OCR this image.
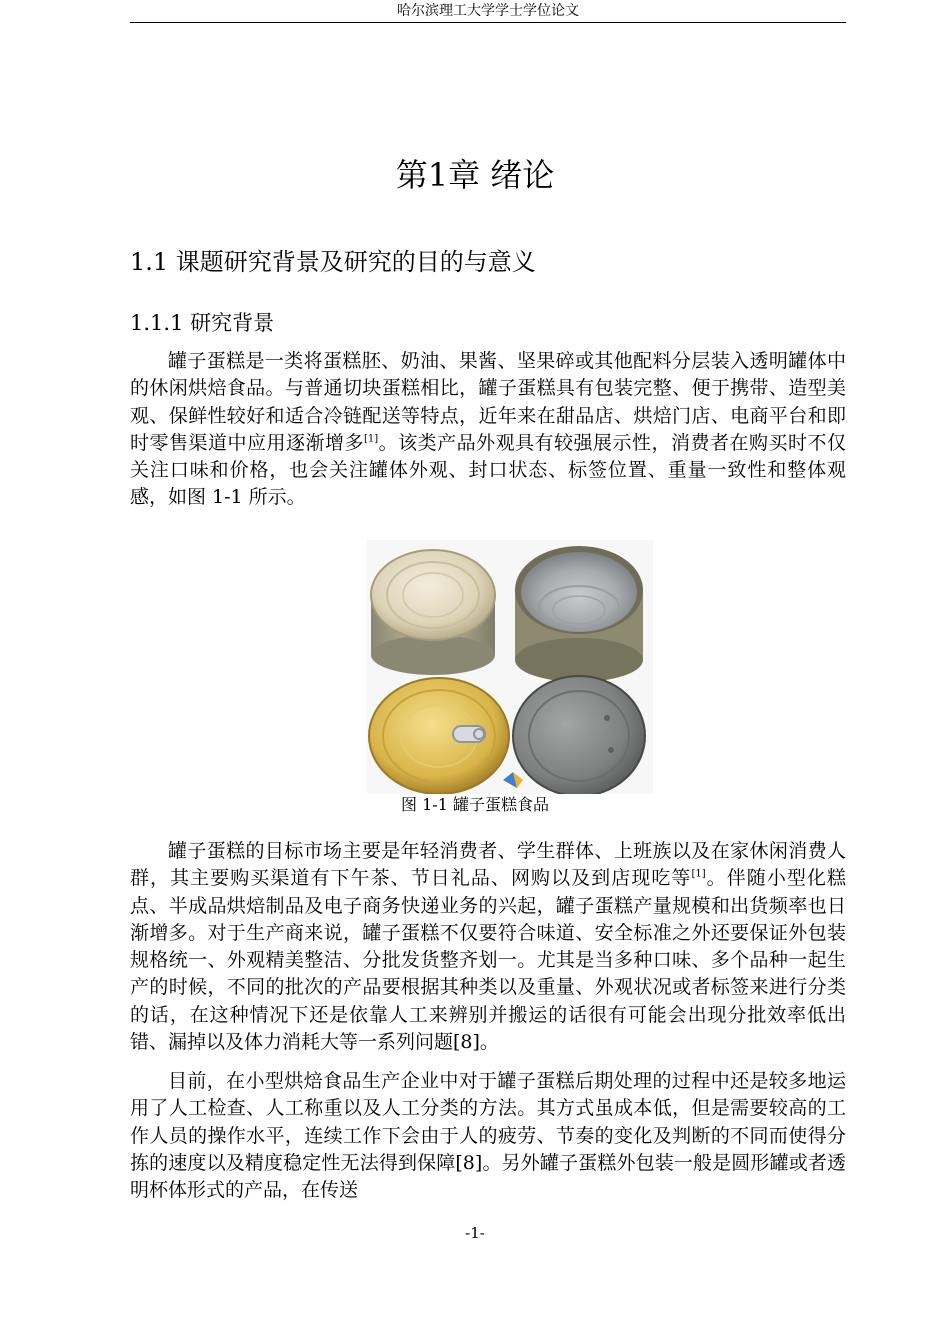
哈尔滨理工大学学士学位论文
第1章 绪论
1.1 课题研究背景及研究的目的与意义
1.1.1 研究背景

罐子蛋糕是一类将蛋糕胚、奶油、果酱、坚果碎或其他配料分层装入透明罐体中的休闲烘焙食品。与普通切块蛋糕相比，罐子蛋糕具有包装完整、便于携带、造型美观、保鲜性较好和适合冷链配送等特点，近年来在甜品店、烘焙门店、电商平台和即时零售渠道中应用逐渐增多[1]。该类产品外观具有较强展示性，消费者在购买时不仅关注口味和价格，也会关注罐体外观、封口状态、标签位置、重量一致性和整体观感，如图 1-1 所示。

图 1-1 罐子蛋糕食品

罐子蛋糕的目标市场主要是年轻消费者、学生群体、上班族以及在家休闲消费人群，其主要购买渠道有下午茶、节日礼品、网购以及到店现吃等[1]。伴随小型化糕点、半成品烘焙制品及电子商务快递业务的兴起，罐子蛋糕产量规模和出货频率也日渐增多。对于生产商来说，罐子蛋糕不仅要符合味道、安全标准之外还要保证外包装规格统一、外观精美整洁、分批发货整齐划一。尤其是当多种口味、多个品种一起生产的时候，不同的批次的产品要根据其种类以及重量、外观状况或者标签来进行分类的话，在这种情况下还是依靠人工来辨别并搬运的话很有可能会出现分批效率低出错、漏掉以及体力消耗大等一系列问题[8]。

目前，在小型烘焙食品生产企业中对于罐子蛋糕后期处理的过程中还是较多地运用了人工检查、人工称重以及人工分类的方法。其方式虽成本低，但是需要较高的工作人员的操作水平，连续工作下会由于人的疲劳、节奏的变化及判断的不同而使得分拣的速度以及精度稳定性无法得到保障[8]。另外罐子蛋糕外包装一般是圆形罐或者透明杯体形式的产品，在传送

-1-
